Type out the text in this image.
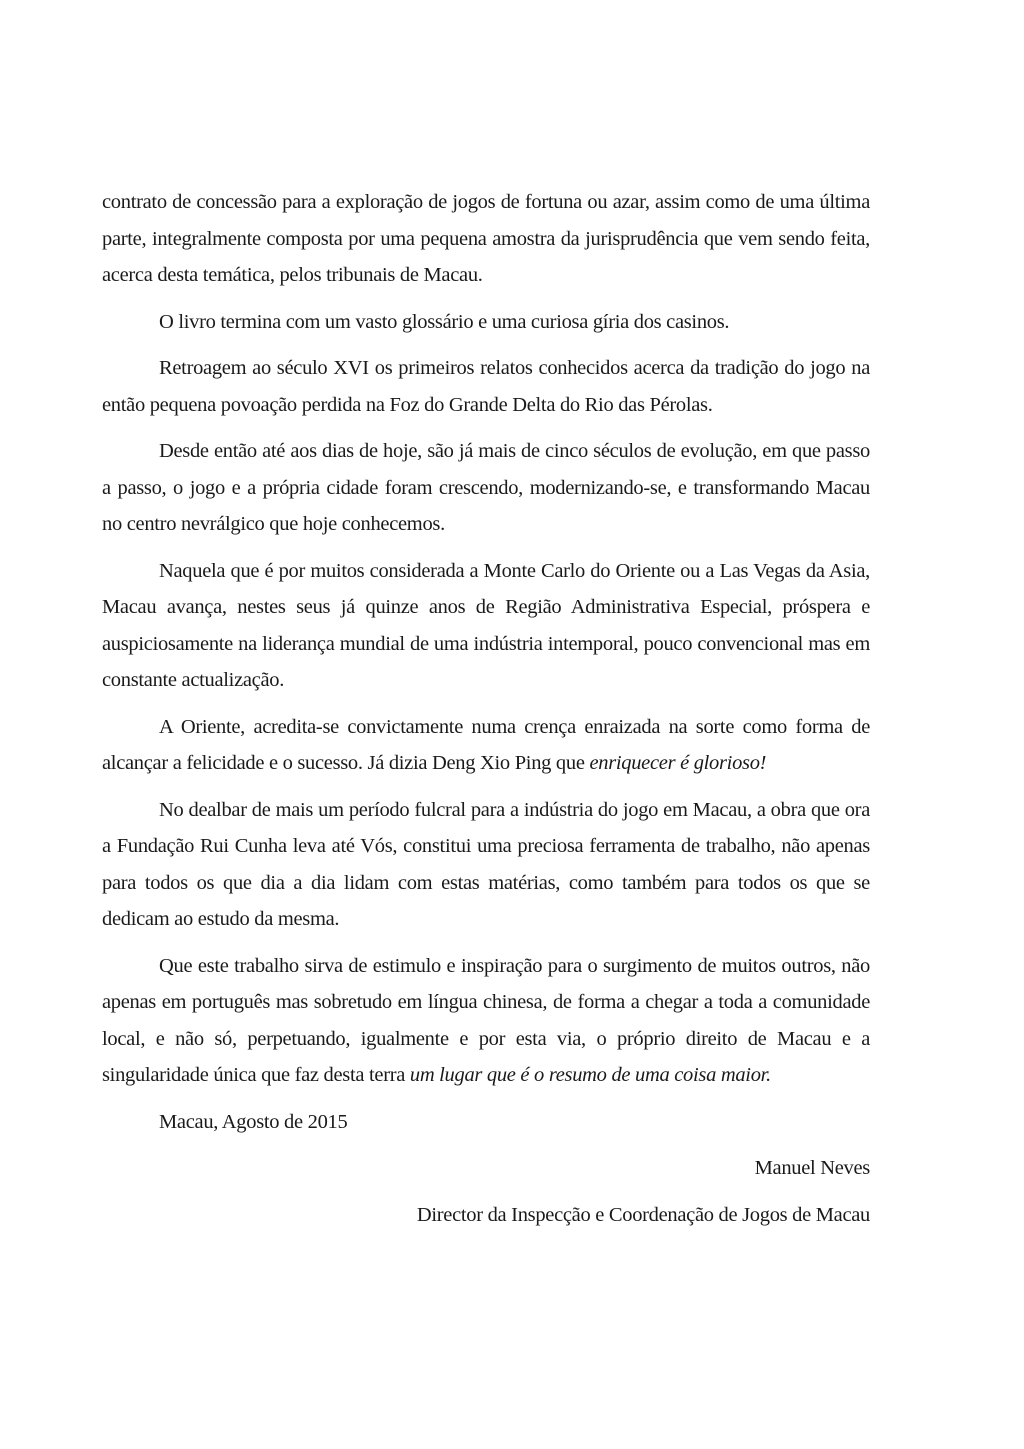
contrato de concessão para a exploração de jogos de fortuna ou azar, assim como de uma última parte, integralmente composta por uma pequena amostra da jurisprudência que vem sendo feita, acerca desta temática, pelos tribunais de Macau.

O livro termina com um vasto glossário e uma curiosa gíria dos casinos.

Retroagem ao século XVI os primeiros relatos conhecidos acerca da tradição do jogo na então pequena povoação perdida na Foz do Grande Delta do Rio das Pérolas.

Desde então até aos dias de hoje, são já mais de cinco séculos de evolução, em que passo a passo, o jogo e a própria cidade foram crescendo, modernizando-se, e transformando Macau no centro nevrálgico que hoje conhecemos.

Naquela que é por muitos considerada a Monte Carlo do Oriente ou a Las Vegas da Asia, Macau avança, nestes seus já quinze anos de Região Administrativa Especial, próspera e auspiciosamente na liderança mundial de uma indústria intemporal, pouco convencional mas em constante actualização.

A Oriente, acredita-se convictamente numa crença enraizada na sorte como forma de alcançar a felicidade e o sucesso. Já dizia Deng Xio Ping que enriquecer é glorioso!

No dealbar de mais um período fulcral para a indústria do jogo em Macau, a obra que ora a Fundação Rui Cunha leva até Vós, constitui uma preciosa ferramenta de trabalho, não apenas para todos os que dia a dia lidam com estas matérias, como também para todos os que se dedicam ao estudo da mesma.

Que este trabalho sirva de estimulo e inspiração para o surgimento de muitos outros, não apenas em português mas sobretudo em língua chinesa, de forma a chegar a toda a comunidade local, e não só, perpetuando, igualmente e por esta via, o próprio direito de Macau e a singularidade única que faz desta terra um lugar que é o resumo de uma coisa maior.

Macau, Agosto de 2015

Manuel Neves

Director da Inspecção e Coordenação de Jogos de Macau
